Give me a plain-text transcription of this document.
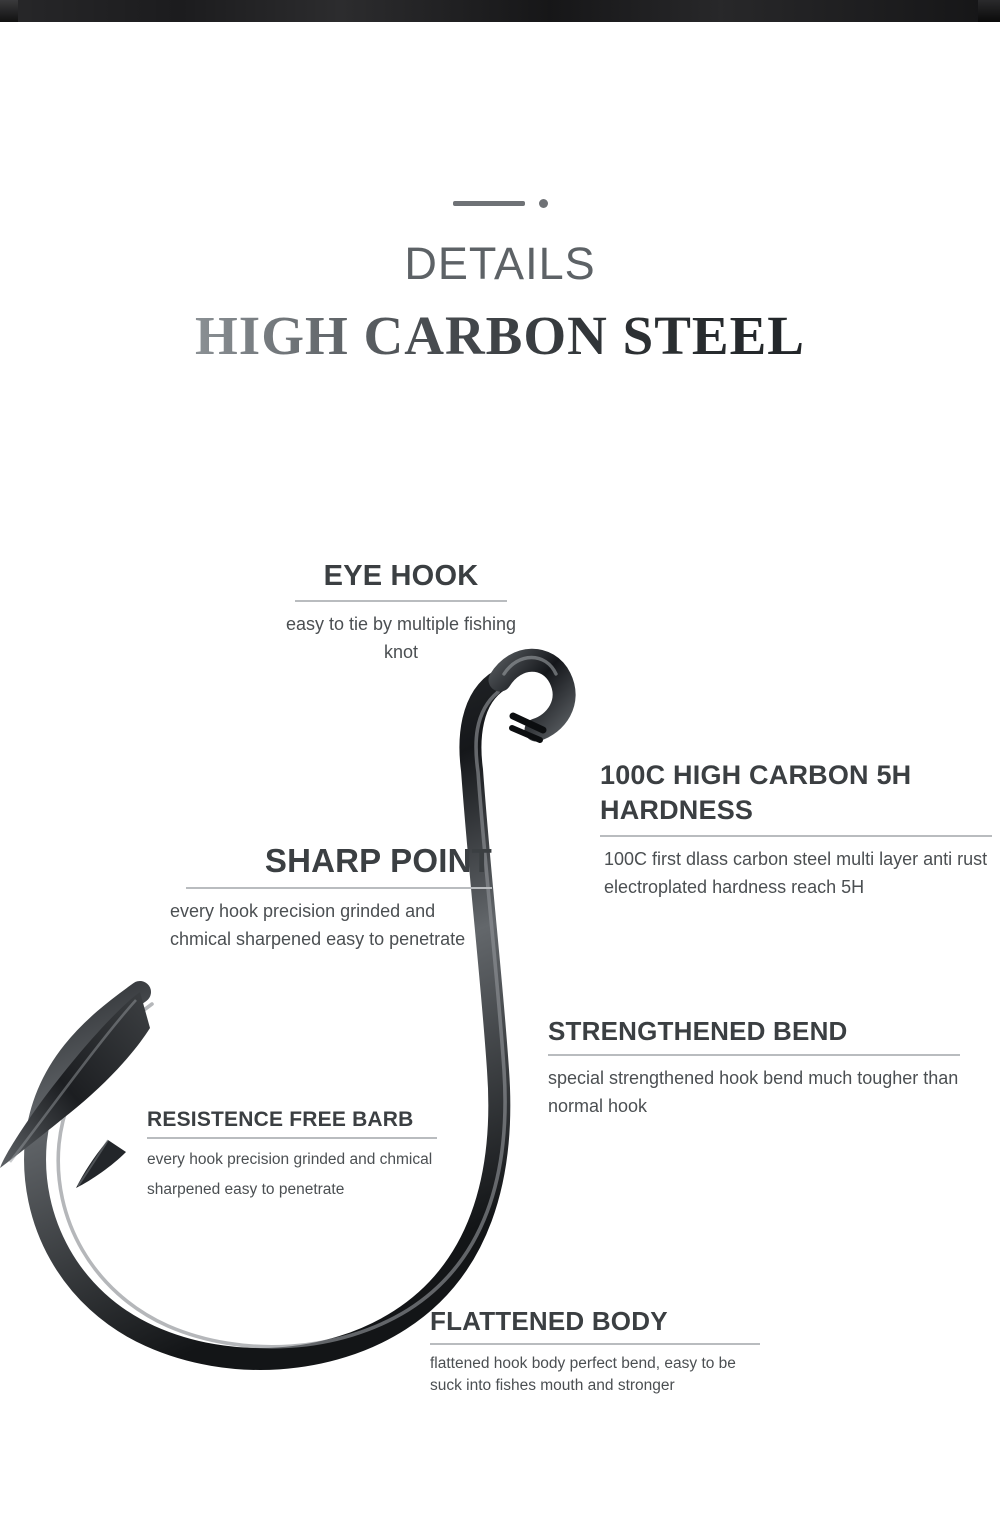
DETAILS
HIGH CARBON STEEL
EYE HOOK

easy to tie by multiple fishing knot

100C HIGH CARBON 5H HARDNESS

100C first dlass carbon steel multi layer anti rust electroplated hardness reach 5H

SHARP POINT

every hook precision grinded and chmical sharpened easy to penetrate

STRENGTHENED BEND

special strengthened hook bend much tougher than normal hook

RESISTENCE FREE BARB

every hook precision grinded and chmical sharpened easy to penetrate

FLATTENED BODY

flattened hook body perfect bend, easy to be suck into fishes mouth and stronger
